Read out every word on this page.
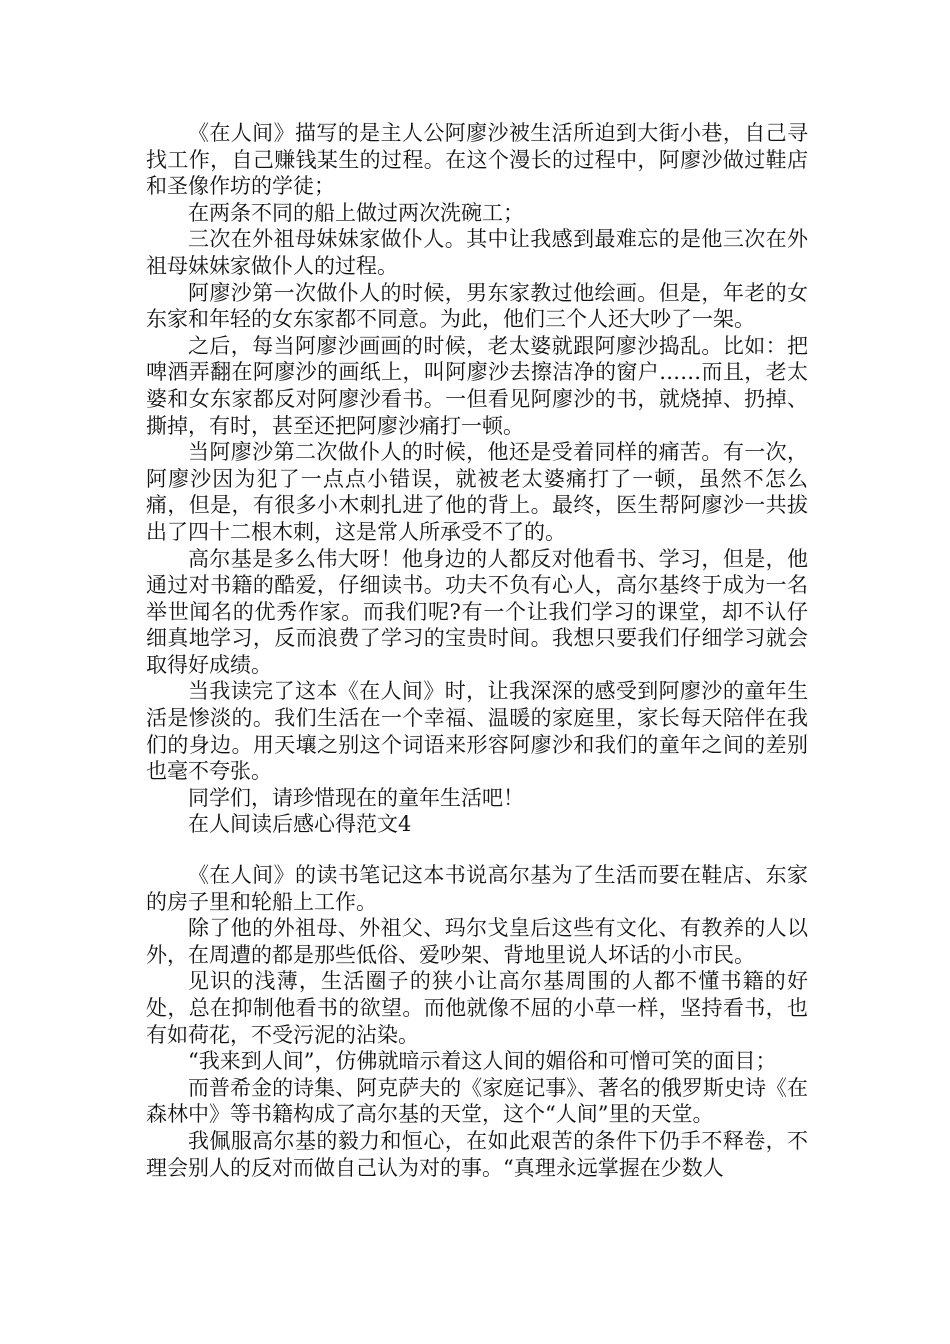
《在人间》描写的是主人公阿廖沙被生活所迫到大街小巷，自己寻找工作，自己赚钱某生的过程。在这个漫长的过程中，阿廖沙做过鞋店和圣像作坊的学徒；

在两条不同的船上做过两次洗碗工；

三次在外祖母妹妹家做仆人。其中让我感到最难忘的是他三次在外祖母妹妹家做仆人的过程。

阿廖沙第一次做仆人的时候，男东家教过他绘画。但是，年老的女东家和年轻的女东家都不同意。为此，他们三个人还大吵了一架。

之后，每当阿廖沙画画的时候，老太婆就跟阿廖沙捣乱。比如：把啤酒弄翻在阿廖沙的画纸上，叫阿廖沙去擦洁净的窗户……而且，老太婆和女东家都反对阿廖沙看书。一但看见阿廖沙的书，就烧掉、扔掉、撕掉，有时，甚至还把阿廖沙痛打一顿。

当阿廖沙第二次做仆人的时候，他还是受着同样的痛苦。有一次，阿廖沙因为犯了一点点小错误，就被老太婆痛打了一顿，虽然不怎么痛，但是，有很多小木刺扎进了他的背上。最终，医生帮阿廖沙一共拔出了四十二根木刺，这是常人所承受不了的。

高尔基是多么伟大呀！他身边的人都反对他看书、学习，但是，他通过对书籍的酷爱，仔细读书。功夫不负有心人，高尔基终于成为一名举世闻名的优秀作家。而我们呢?有一个让我们学习的课堂，却不认仔细真地学习，反而浪费了学习的宝贵时间。我想只要我们仔细学习就会取得好成绩。

当我读完了这本《在人间》时，让我深深的感受到阿廖沙的童年生活是惨淡的。我们生活在一个幸福、温暖的家庭里，家长每天陪伴在我们的身边。用天壤之别这个词语来形容阿廖沙和我们的童年之间的差别也毫不夸张。

同学们，请珍惜现在的童年生活吧！

在人间读后感心得范文4

《在人间》的读书笔记这本书说高尔基为了生活而要在鞋店、东家的房子里和轮船上工作。

除了他的外祖母、外祖父、玛尔戈皇后这些有文化、有教养的人以外，在周遭的都是那些低俗、爱吵架、背地里说人坏话的小市民。

见识的浅薄，生活圈子的狭小让高尔基周围的人都不懂书籍的好处，总在抑制他看书的欲望。而他就像不屈的小草一样，坚持看书，也有如荷花，不受污泥的沾染。

“我来到人间”，仿佛就暗示着这人间的媚俗和可憎可笑的面目；

而普希金的诗集、阿克萨夫的《家庭记事》、著名的俄罗斯史诗《在森林中》等书籍构成了高尔基的天堂，这个“人间”里的天堂。

我佩服高尔基的毅力和恒心，在如此艰苦的条件下仍手不释卷，不理会别人的反对而做自己认为对的事。“真理永远掌握在少数人
